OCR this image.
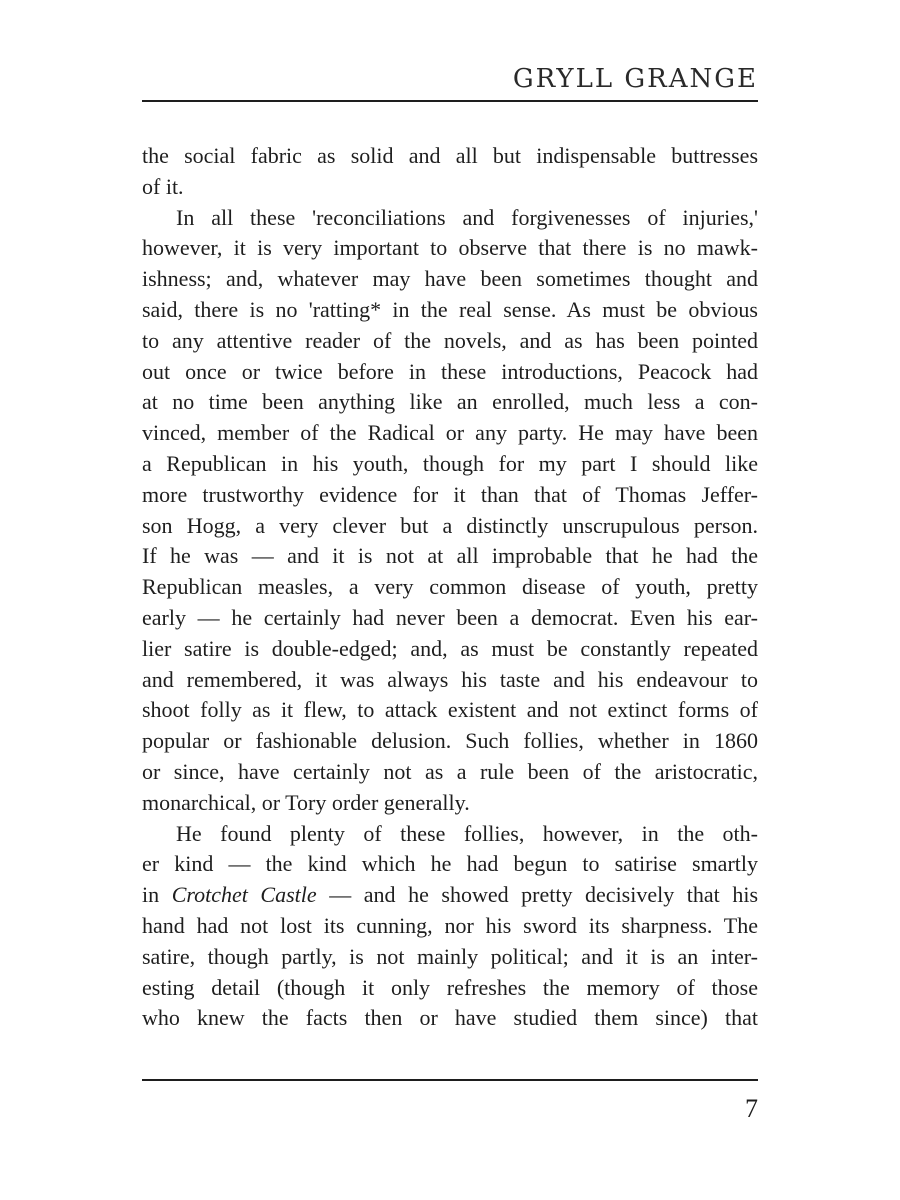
GRYLL GRANGE
the social fabric as solid and all but indispensable buttresses
of it.
In all these 'reconciliations and forgivenesses of injuries,'
however, it is very important to observe that there is no mawk-
ishness; and, whatever may have been sometimes thought and
said, there is no 'ratting* in the real sense. As must be obvious
to any attentive reader of the novels, and as has been pointed
out once or twice before in these introductions, Peacock had
at no time been anything like an enrolled, much less a con-
vinced, member of the Radical or any party. He may have been
a Republican in his youth, though for my part I should like
more trustworthy evidence for it than that of Thomas Jeffer-
son Hogg, a very clever but a distinctly unscrupulous person.
If he was — and it is not at all improbable that he had the
Republican measles, a very common disease of youth, pretty
early — he certainly had never been a democrat. Even his ear-
lier satire is double-edged; and, as must be constantly repeated
and remembered, it was always his taste and his endeavour to
shoot folly as it flew, to attack existent and not extinct forms of
popular or fashionable delusion. Such follies, whether in 1860
or since, have certainly not as a rule been of the aristocratic,
monarchical, or Tory order generally.
He found plenty of these follies, however, in the oth-
er kind — the kind which he had begun to satirise smartly
in Crotchet Castle — and he showed pretty decisively that his
hand had not lost its cunning, nor his sword its sharpness. The
satire, though partly, is not mainly political; and it is an inter-
esting detail (though it only refreshes the memory of those
who knew the facts then or have studied them since) that
7
